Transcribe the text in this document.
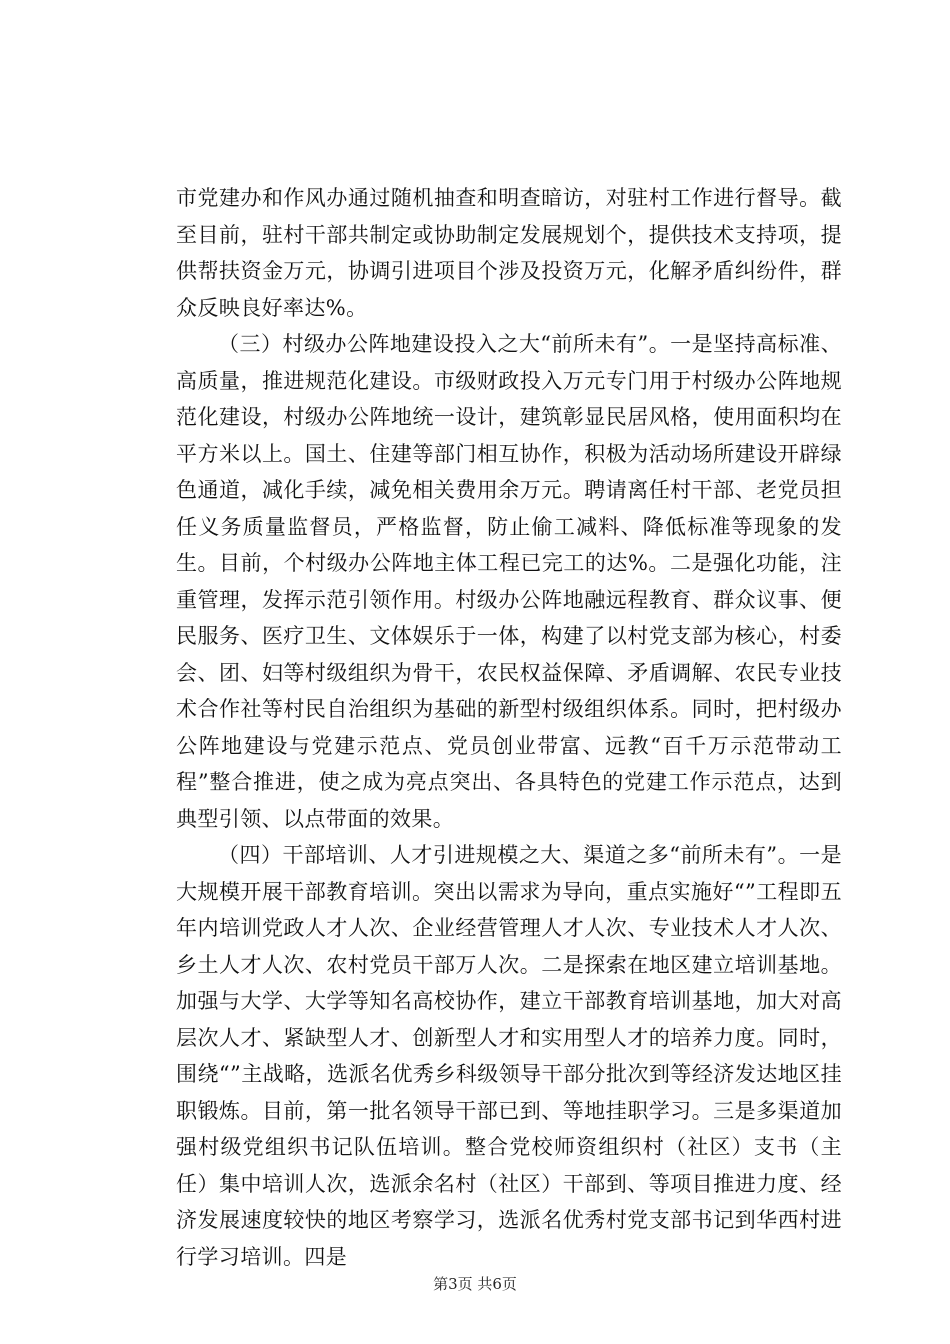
市党建办和作风办通过随机抽查和明查暗访，对驻村工作进行督导。截至目前，驻村干部共制定或协助制定发展规划个，提供技术支持项，提供帮扶资金万元，协调引进项目个涉及投资万元，化解矛盾纠纷件，群众反映良好率达%。

（三）村级办公阵地建设投入之大“前所未有”。一是坚持高标准、高质量，推进规范化建设。市级财政投入万元专门用于村级办公阵地规范化建设，村级办公阵地统一设计，建筑彰显民居风格，使用面积均在平方米以上。国土、住建等部门相互协作，积极为活动场所建设开辟绿色通道，减化手续，减免相关费用余万元。聘请离任村干部、老党员担任义务质量监督员，严格监督，防止偷工减料、降低标准等现象的发生。目前，个村级办公阵地主体工程已完工的达%。二是强化功能，注重管理，发挥示范引领作用。村级办公阵地融远程教育、群众议事、便民服务、医疗卫生、文体娱乐于一体，构建了以村党支部为核心，村委会、团、妇等村级组织为骨干，农民权益保障、矛盾调解、农民专业技术合作社等村民自治组织为基础的新型村级组织体系。同时，把村级办公阵地建设与党建示范点、党员创业带富、远教“百千万示范带动工程”整合推进，使之成为亮点突出、各具特色的党建工作示范点，达到典型引领、以点带面的效果。

（四）干部培训、人才引进规模之大、渠道之多“前所未有”。一是大规模开展干部教育培训。突出以需求为导向，重点实施好“”工程即五年内培训党政人才人次、企业经营管理人才人次、专业技术人才人次、乡土人才人次、农村党员干部万人次。二是探索在地区建立培训基地。加强与大学、大学等知名高校协作，建立干部教育培训基地，加大对高层次人才、紧缺型人才、创新型人才和实用型人才的培养力度。同时，围绕“”主战略，选派名优秀乡科级领导干部分批次到等经济发达地区挂职锻炼。目前，第一批名领导干部已到、等地挂职学习。三是多渠道加强村级党组织书记队伍培训。整合党校师资组织村（社区）支书（主任）集中培训人次，选派余名村（社区）干部到、等项目推进力度、经济发展速度较快的地区考察学习，选派名优秀村党支部书记到华西村进行学习培训。四是

第3页 共6页
